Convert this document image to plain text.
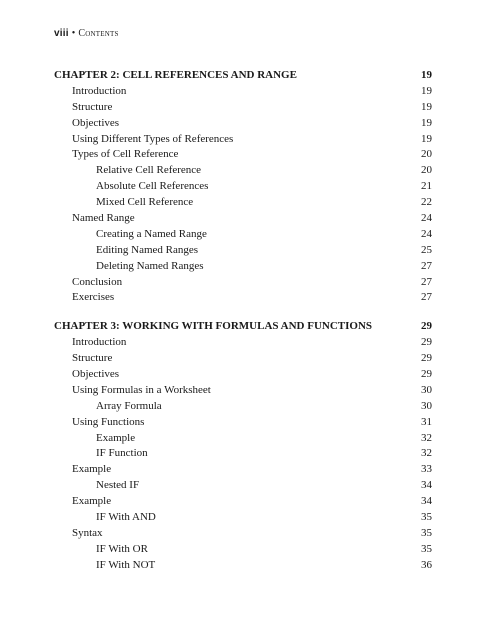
viii • Contents
CHAPTER 2: CELL REFERENCES AND RANGE	19
Introduction	19
Structure	19
Objectives	19
Using Different Types of References	19
Types of Cell Reference	20
Relative Cell Reference	20
Absolute Cell References	21
Mixed Cell Reference	22
Named Range	24
Creating a Named Range	24
Editing Named Ranges	25
Deleting Named Ranges	27
Conclusion	27
Exercises	27
CHAPTER 3: WORKING WITH FORMULAS AND FUNCTIONS	29
Introduction	29
Structure	29
Objectives	29
Using Formulas in a Worksheet	30
Array Formula	30
Using Functions	31
Example	32
IF Function	32
Example	33
Nested IF	34
Example	34
IF With AND	35
Syntax	35
IF With OR	35
IF With NOT	36
